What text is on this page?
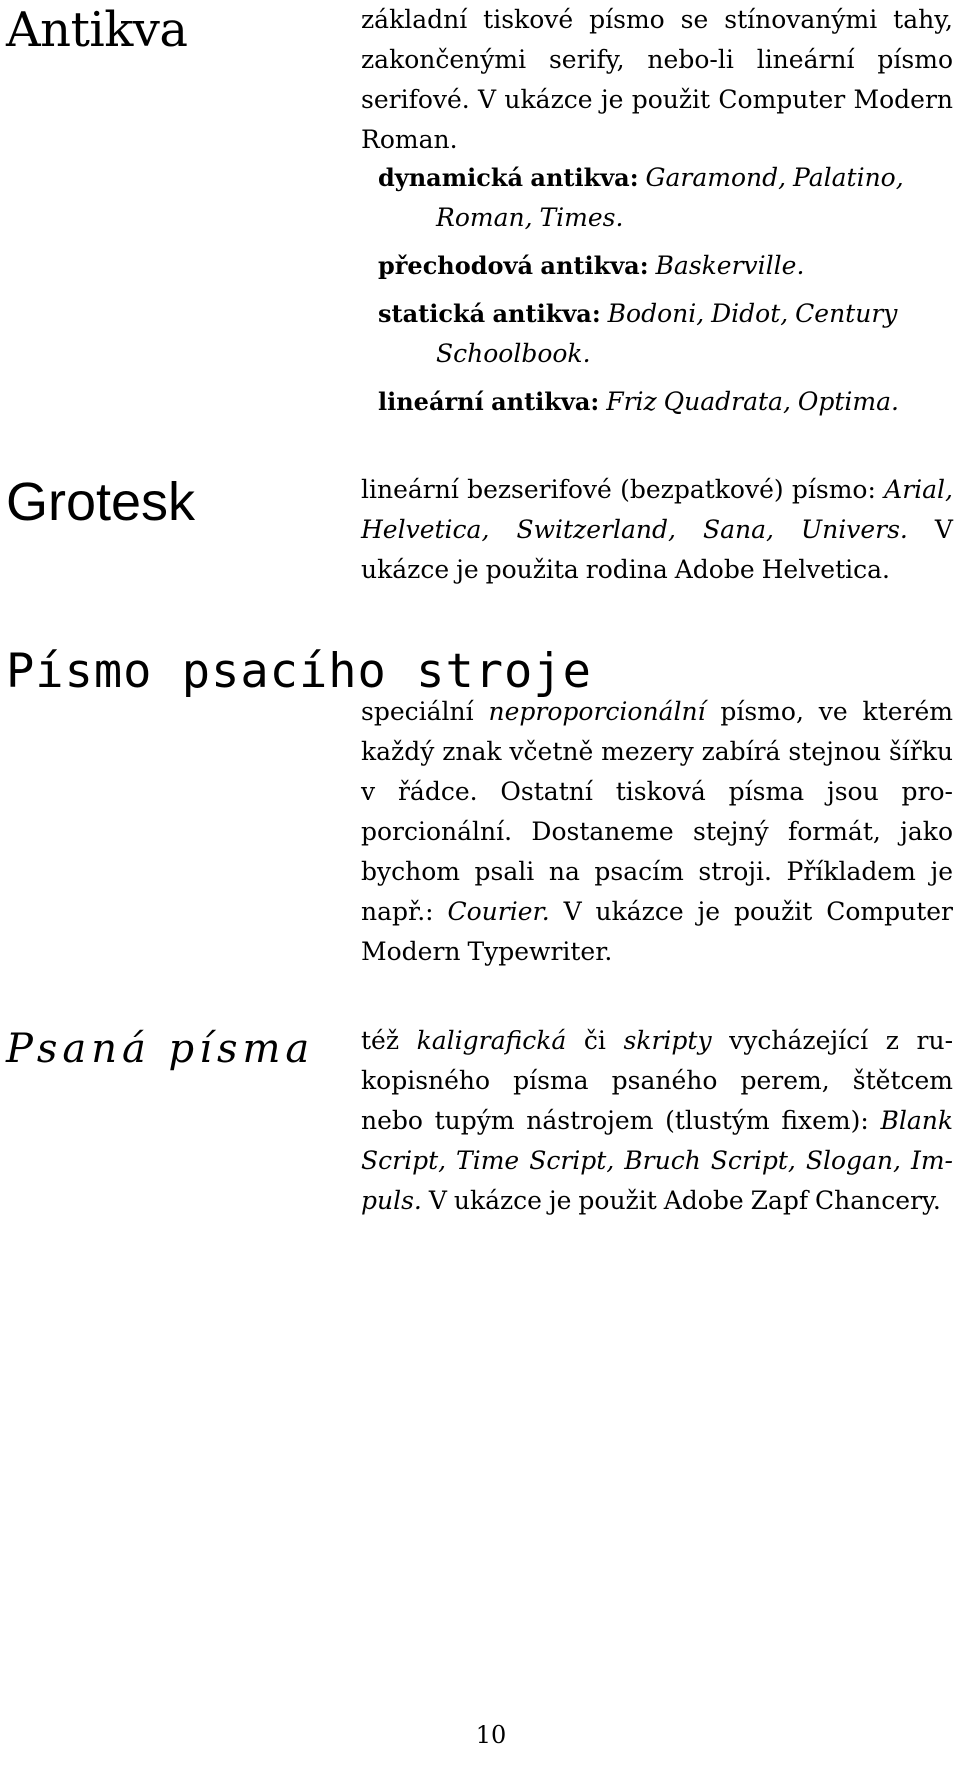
Antikva	základní tiskové písmo se stínovanými tahy, zakončenými serify, nebo-li lineární písmo serifové. V ukázce je použit Computer Modern Roman.

dynamická antikva: Garamond, Palatino, Roman, Times.
přechodová antikva: Baskerville.
statická antikva: Bodoni, Didot, Century Schoolbook.
lineární antikva: Friz Quadrata, Optima.
Grotesk	lineární bezserifové (bezpatkové) písmo: Arial, Helvetica, Switzerland, Sana, Univers. V ukázce je použita rodina Adobe Helvetica.

Písmo psacího stroje

speciální neproporcionální písmo, ve kterém každý znak včetně mezery zabírá stejnou šířku v řádce. Ostatní tisková písma jsou proporcionální. Dostaneme stejný formát, jako bychom psali na psacím stroji. Příkladem je např.: Courier. V ukázce je použit Computer Modern Typewriter.

Psaná písma též kaligrafická či skripty vycházející z rukopisného písma psaného perem, štětcem nebo tupým nástrojem (tlustým fixem): Blank Script, Time Script, Bruch Script, Slogan, Impuls. V ukázce je použit Adobe Zapf Chancery.

10
